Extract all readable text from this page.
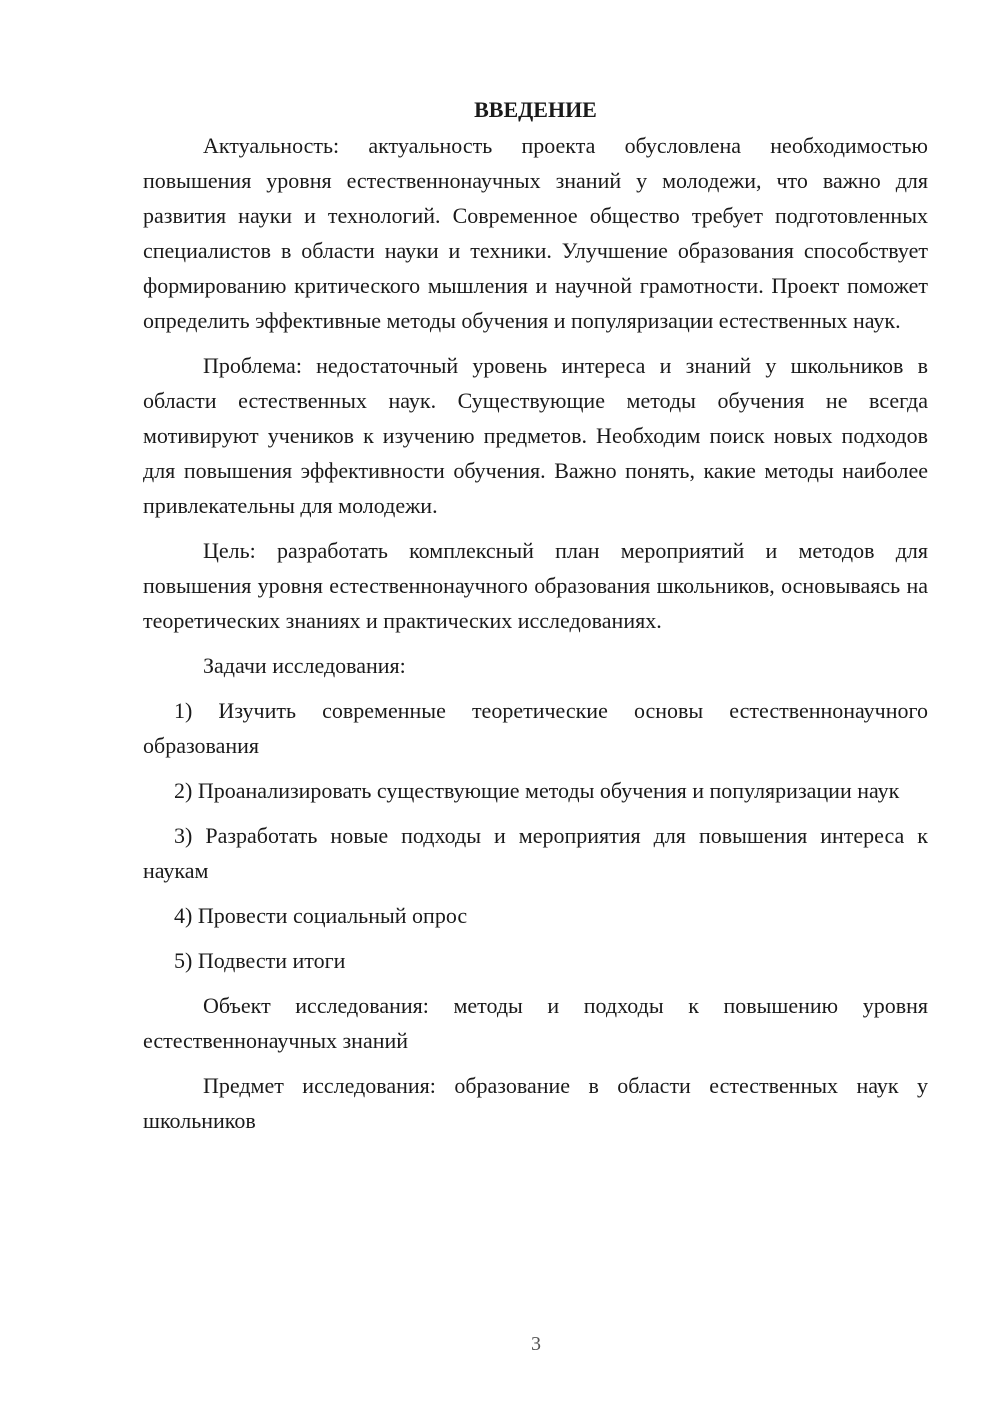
ВВЕДЕНИЕ

Актуальность: актуальность проекта обусловлена необходимостью повышения уровня естественнонаучных знаний у молодежи, что важно для развития науки и технологий. Современное общество требует подготовленных специалистов в области науки и техники. Улучшение образования способствует формированию критического мышления и научной грамотности. Проект поможет определить эффективные методы обучения и популяризации естественных наук.

Проблема: недостаточный уровень интереса и знаний у школьников в области естественных наук. Существующие методы обучения не всегда мотивируют учеников к изучению предметов. Необходим поиск новых подходов для повышения эффективности обучения. Важно понять, какие методы наиболее привлекательны для молодежи.

Цель: разработать комплексный план мероприятий и методов для повышения уровня естественнонаучного образования школьников, основываясь на теоретических знаниях и практических исследованиях.

Задачи исследования:

1) Изучить современные теоретические основы естественнонаучного образования

2) Проанализировать существующие методы обучения и популяризации наук

3) Разработать новые подходы и мероприятия для повышения интереса к наукам

4) Провести социальный опрос

5) Подвести итоги

Объект исследования: методы и подходы к повышению уровня естественнонаучных знаний

Предмет исследования: образование в области естественных наук у школьников

3
